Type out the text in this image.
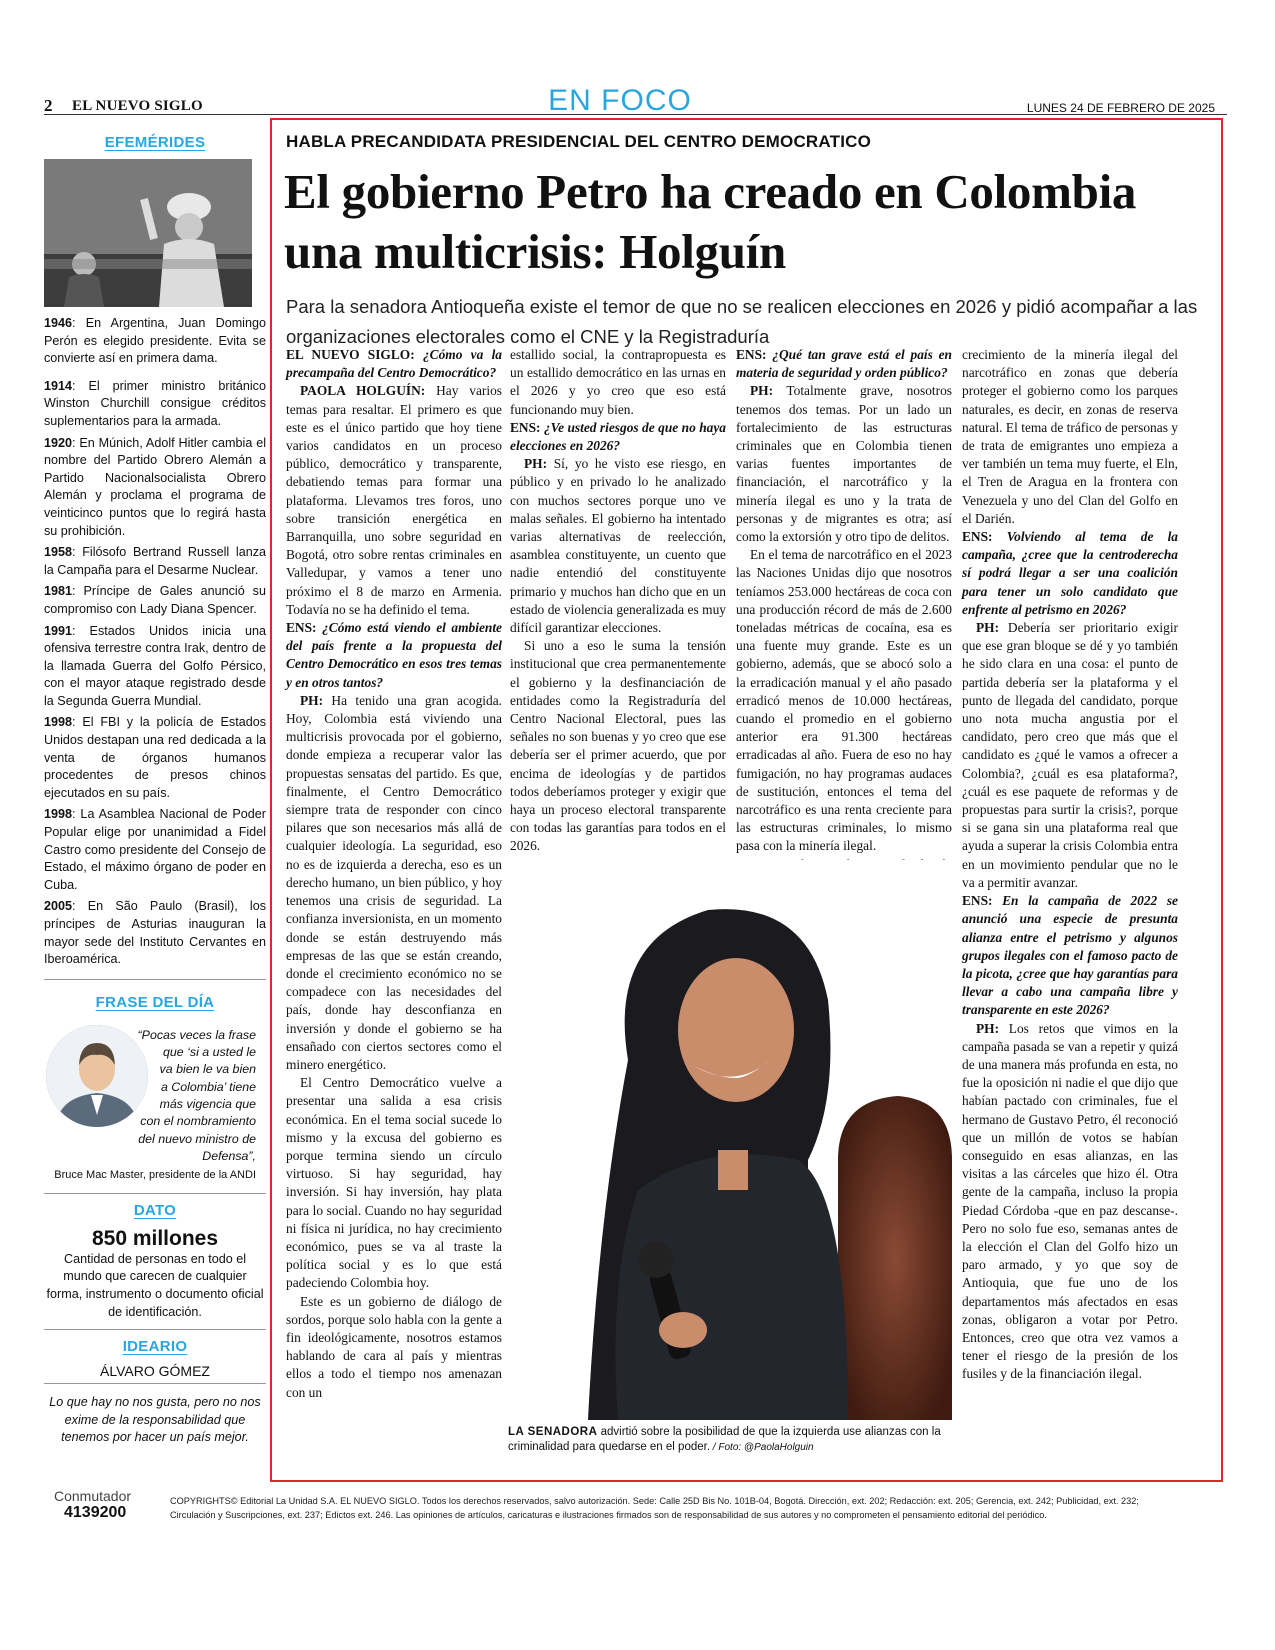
2 EL NUEVO SIGLO	EN FOCO	LUNES 24 DE FEBRERO DE 2025
EFEMÉRIDES

1946: En Argentina, Juan Domingo Perón es elegido presidente. Evita se convierte así en primera dama.

1914: El primer ministro británico Winston Churchill consigue créditos suplementarios para la armada.

1920: En Múnich, Adolf Hitler cambia el nombre del Partido Obrero Alemán a Partido Nacionalsocialista Obrero Alemán y proclama el programa de veinticinco puntos que lo regirá hasta su prohibición.

1958: Filósofo Bertrand Russell lanza la Campaña para el Desarme Nuclear.

1981: Príncipe de Gales anunció su compromiso con Lady Diana Spencer.

1991: Estados Unidos inicia una ofensiva terrestre contra Irak, dentro de la llamada Guerra del Golfo Pérsico, con el mayor ataque registrado desde la Segunda Guerra Mundial.

1998: El FBI y la policía de Estados Unidos destapan una red dedicada a la venta de órganos humanos procedentes de presos chinos ejecutados en su país.

1998: La Asamblea Nacional de Poder Popular elige por unanimidad a Fidel Castro como presidente del Consejo de Estado, el máximo órgano de poder en Cuba.

2005: En São Paulo (Brasil), los príncipes de Asturias inauguran la mayor sede del Instituto Cervantes en Iberoamérica.

FRASE DEL DÍA
“Pocas veces la frase que ‘si a usted le va bien le va bien a Colombia’ tiene más vigencia que con el nombramiento del nuevo ministro de Defensa”,
Bruce Mac Master, presidente de la ANDI
DATO
850 millones
Cantidad de personas en todo el mundo que carecen de cualquier forma, instrumento o documento oficial de identificación.
IDEARIO
ÁLVARO GÓMEZ
Lo que hay no nos gusta, pero no nos exime de la responsabilidad que tenemos por hacer un país mejor.
HABLA PRECANDIDATA PRESIDENCIAL DEL CENTRO DEMOCRATICO
El gobierno Petro ha creado en Colombia una multicrisis: Holguín
Para la senadora Antioqueña existe el temor de que no se realicen elecciones en 2026 y pidió acompañar a las organizaciones electorales como el CNE y la Registraduría

EL NUEVO SIGLO: ¿Cómo va la precampaña del Centro Democrático?

PAOLA HOLGUÍN: Hay varios temas para resaltar. El primero es que este es el único partido que hoy tiene varios candidatos en un proceso público, democrático y transparente, debatiendo temas para formar una plataforma. Llevamos tres foros, uno sobre transición energética en Barranquilla, uno sobre seguridad en Bogotá, otro sobre rentas criminales en Valledupar, y vamos a tener uno próximo el 8 de marzo en Armenia. Todavía no se ha definido el tema.

ENS: ¿Cómo está viendo el ambiente del país frente a la propuesta del Centro Democrático en esos tres temas y en otros tantos?

PH: Ha tenido una gran acogida. Hoy, Colombia está viviendo una multicrisis provocada por el gobierno, donde empieza a recuperar valor las propuestas sensatas del partido. Es que, finalmente, el Centro Democrático siempre trata de responder con cinco pilares que son necesarios más allá de cualquier ideología. La seguridad, eso no es de izquierda a derecha, eso es un derecho humano, un bien público, y hoy tenemos una crisis de seguridad. La confianza inversionista, en un momento donde se están destruyendo más empresas de las que se están creando, donde el crecimiento económico no se compadece con las necesidades del país, donde hay desconfianza en inversión y donde el gobierno se ha ensañado con ciertos sectores como el minero energético.

El Centro Democrático vuelve a presentar una salida a esa crisis económica. En el tema social sucede lo mismo y la excusa del gobierno es porque termina siendo un círculo virtuoso. Si hay seguridad, hay inversión. Si hay inversión, hay plata para lo social. Cuando no hay seguridad ni física ni jurídica, no hay crecimiento económico, pues se va al traste la política social y es lo que está padeciendo Colombia hoy.

Este es un gobierno de diálogo de sordos, porque solo habla con la gente a fin ideológicamente, nosotros estamos hablando de cara al país y mientras ellos a todo el tiempo nos amenazan con un

estallido social, la contrapropuesta es un estallido democrático en las urnas en el 2026 y yo creo que eso está funcionando muy bien.

ENS: ¿Ve usted riesgos de que no haya elecciones en 2026?

PH: Sí, yo he visto ese riesgo, en público y en privado lo he analizado con muchos sectores porque uno ve malas señales. El gobierno ha intentado varias alternativas de reelección, asamblea constituyente, un cuento que nadie entendió del constituyente primario y muchos han dicho que en un estado de violencia generalizada es muy difícil garantizar elecciones.

Si uno a eso le suma la tensión institucional que crea permanentemente el gobierno y la desfinanciación de entidades como la Registraduría del Centro Nacional Electoral, pues las señales no son buenas y yo creo que ese debería ser el primer acuerdo, que por encima de ideologías y de partidos todos deberíamos proteger y exigir que haya un proceso electoral transparente con todas las garantías para todos en el 2026.

ENS: ¿Qué tan grave está el país en materia de seguridad y orden público?

PH: Totalmente grave, nosotros tenemos dos temas. Por un lado un fortalecimiento de las estructuras criminales que en Colombia tienen varias fuentes importantes de financiación, el narcotráfico y la minería ilegal es uno y la trata de personas y de migrantes es otra; así como la extorsión y otro tipo de delitos.

En el tema de narcotráfico en el 2023 las Naciones Unidas dijo que nosotros teníamos 253.000 hectáreas de coca con una producción récord de más de 2.600 toneladas métricas de cocaína, esa es una fuente muy grande. Este es un gobierno, además, que se abocó solo a la erradicación manual y el año pasado erradicó menos de 10.000 hectáreas, cuando el promedio en el gobierno anterior era 91.300 hectáreas erradicadas al año. Fuera de eso no hay fumigación, no hay programas audaces de sustitución, entonces el tema del narcotráfico es una renta creciente para las estructuras criminales, lo mismo pasa con la minería ilegal.

crecimiento de la minería ilegal del narcotráfico en zonas que debería proteger el gobierno como los parques naturales, es decir, en zonas de reserva natural. El tema de tráfico de personas y de trata de emigrantes uno empieza a ver también un tema muy fuerte, el Eln, el Tren de Aragua en la frontera con Venezuela y uno del Clan del Golfo en el Darién.

ENS: Volviendo al tema de la campaña, ¿cree que la centroderecha sí podrá llegar a ser una coalición para tener un solo candidato que enfrente al petrismo en 2026?

PH: Debería ser prioritario exigir que ese gran bloque se dé y yo también he sido clara en una cosa: el punto de partida debería ser la plataforma y el punto de llegada del candidato, porque uno nota mucha angustia por el candidato, pero creo que más que el candidato es ¿qué le vamos a ofrecer a Colombia?, ¿cuál es esa plataforma?, ¿cuál es ese paquete de reformas y de propuestas para surtir la crisis?, porque si se gana sin una plataforma real que ayuda a superar la crisis Colombia entra en un movimiento pendular que no le va a permitir avanzar.

ENS: En la campaña de 2022 se anunció una especie de presunta alianza entre el petrismo y algunos grupos ilegales con el famoso pacto de la picota, ¿cree que hay garantías para llevar a cabo una campaña libre y transparente en este 2026?

PH: Los retos que vimos en la campaña pasada se van a repetir y quizá de una manera más profunda en esta, no fue la oposición ni nadie el que dijo que habían pactado con criminales, fue el hermano de Gustavo Petro, él reconoció que un millón de votos se habían conseguido en esas alianzas, en las visitas a las cárceles que hizo él. Otra gente de la campaña, incluso la propia Piedad Córdoba -que en paz descanse-. Pero no solo fue eso, semanas antes de la elección el Clan del Golfo hizo un paro armado, y yo que soy de Antioquia, que fue uno de los departamentos más afectados en esas zonas, obligaron a votar por Petro. Entonces, creo que otra vez vamos a tener el riesgo de la presión de los fusiles y de la financiación ilegal.

LA SENADORA advirtió sobre la posibilidad de que la izquierda use alianzas con la criminalidad para quedarse en el poder. / Foto: @PaolaHolguin
Conmutador
4139200
COPYRIGHTS© Editorial La Unidad S.A. EL NUEVO SIGLO. Todos los derechos reservados, salvo autorización. Sede: Calle 25D Bis No. 101B-04, Bogotá. Dirección, ext. 202; Redacción: ext. 205; Gerencia, ext. 242; Publicidad, ext. 232; Circulación y Suscripciones, ext. 237; Edictos ext. 246. Las opiniones de artículos, caricaturas e ilustraciones firmados son de responsabilidad de sus autores y no comprometen el pensamiento editorial del periódico.
